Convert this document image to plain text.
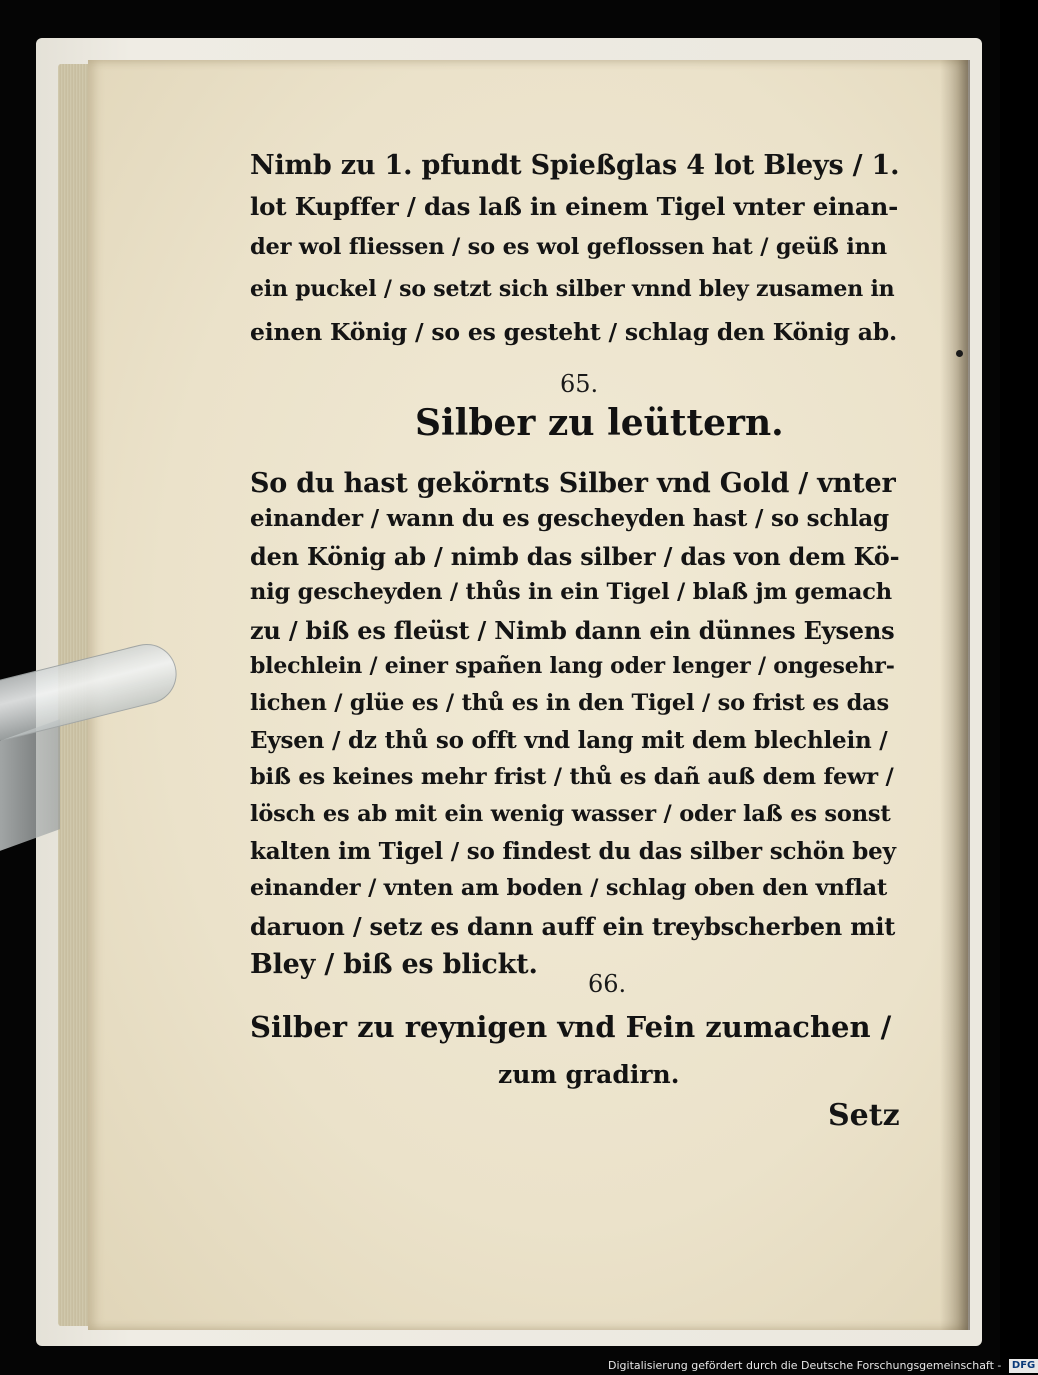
Nimb zu 1. pfundt Spießglas 4 lot Bleys / 1.
lot Kupffer / das laß in einem Tigel vnter einan-
der wol fliessen / so es wol geflossen hat / geüß inn
ein puckel / so setzt sich silber vnnd bley zusamen in
einen König / so es gesteht / schlag den König ab.
65.
Silber zu leüttern.
So du hast gekörnts Silber vnd Gold / vnter
einander / wann du es gescheyden hast / so schlag
den König ab / nimb das silber / das von dem Kö-
nig gescheyden / thůs in ein Tigel / blaß jm gemach
zu / biß es fleüst / Nimb dann ein dünnes Eysens
blechlein / einer spañen lang oder lenger / ongesehr-
lichen / glüe es / thů es in den Tigel / so frist es das
Eysen / dz thů so offt vnd lang mit dem blechlein /
biß es keines mehr frist / thů es dañ auß dem fewr /
lösch es ab mit ein wenig wasser / oder laß es sonst
kalten im Tigel / so findest du das silber schön bey
einander / vnten am boden / schlag oben den vnflat
daruon / setz es dann auff ein treybscherben mit
Bley / biß es blickt.
66.
Silber zu reynigen vnd Fein zumachen /
zum gradirn.
Setz
Digitalisierung gefördert durch die Deutsche Forschungsgemeinschaft - DFG
